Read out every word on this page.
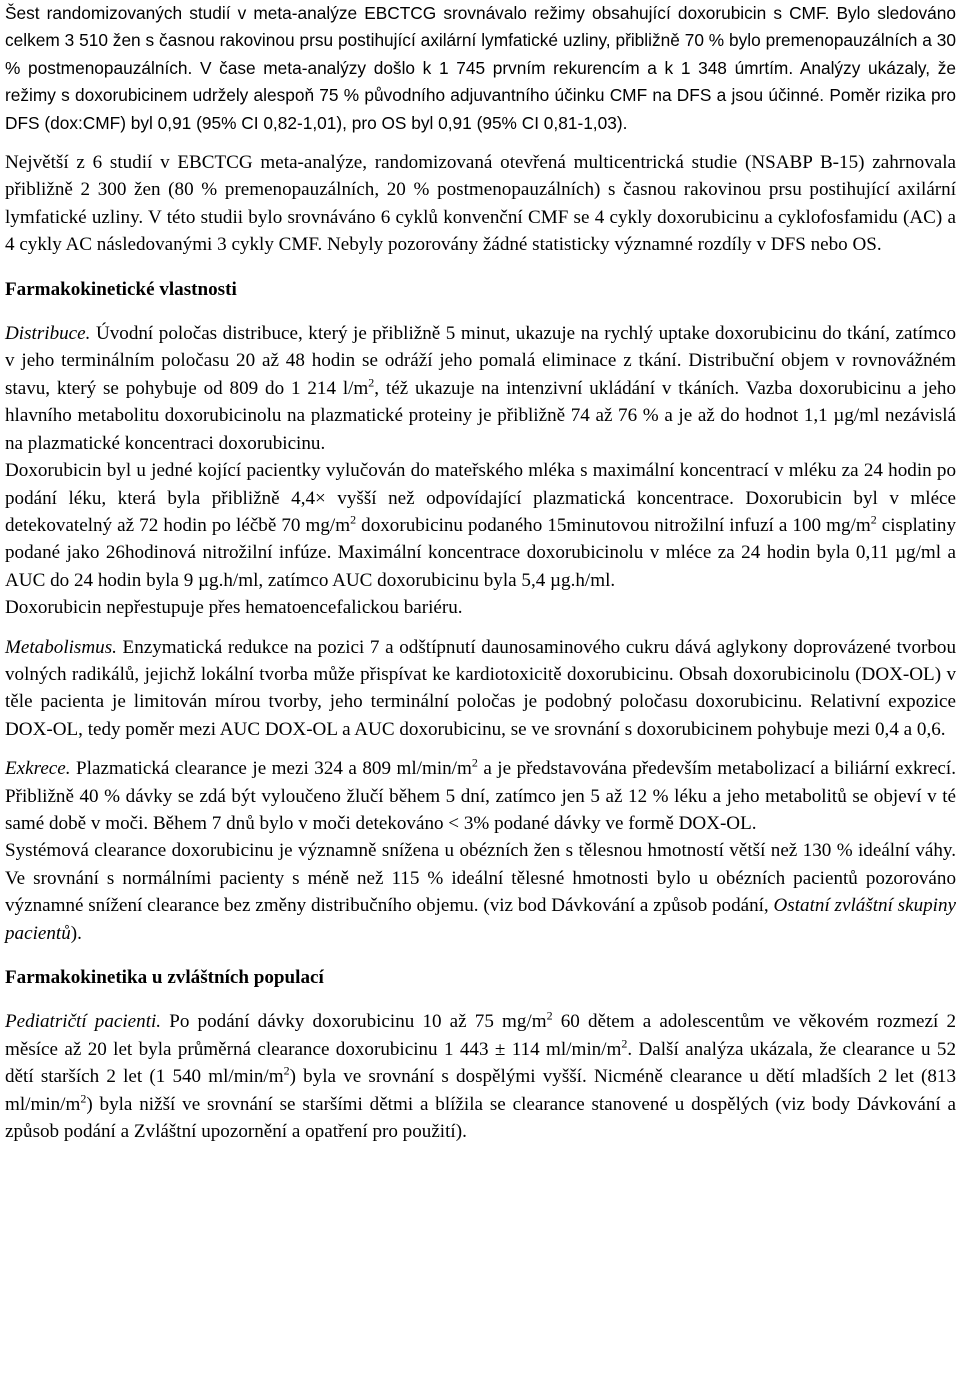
Šest randomizovaných studií v meta-analýze EBCTCG srovnávalo režimy obsahující doxorubicin s CMF. Bylo sledováno celkem 3 510 žen s časnou rakovinou prsu postihující axilární lymfatické uzliny, přibližně 70 % bylo premenopauzálních a 30 % postmenopauzálních. V čase meta-analýzy došlo k 1 745 prvním rekurencím a k 1 348 úmrtím. Analýzy ukázaly, že režimy s doxorubicinem udržely alespoň 75 % původního adjuvantního účinku CMF na DFS a jsou účinné. Poměr rizika pro DFS (dox:CMF) byl 0,91 (95% CI 0,82-1,01), pro OS byl 0,91 (95% CI 0,81-1,03).

Největší z 6 studií v EBCTCG meta-analýze, randomizovaná otevřená multicentrická studie (NSABP B-15) zahrnovala přibližně 2 300 žen (80 % premenopauzálních, 20 % postmenopauzálních) s časnou rakovinou prsu postihující axilární lymfatické uzliny. V této studii bylo srovnáváno 6 cyklů konvenční CMF se 4 cykly doxorubicinu a cyklofosfamidu (AC) a 4 cykly AC následovanými 3 cykly CMF. Nebyly pozorovány žádné statisticky významné rozdíly v DFS nebo OS.

Farmakokinetické vlastnosti

Distribuce. Úvodní poločas distribuce, který je přibližně 5 minut, ukazuje na rychlý uptake doxorubicinu do tkání, zatímco v jeho terminálním poločasu 20 až 48 hodin se odráží jeho pomalá eliminace z tkání. Distribuční objem v rovnovážném stavu, který se pohybuje od 809 do 1 214 $l/m^2$, též ukazuje na intenzivní ukládání v tkáních. Vazba doxorubicinu a jeho hlavního metabolitu doxorubicinolu na plazmatické proteiny je přibližně 74 až 76 % a je až do hodnot 1,1 µg/ml nezávislá na plazmatické koncentraci doxorubicinu.

Doxorubicin byl u jedné kojící pacientky vylučován do mateřského mléka s maximální koncentrací v mléku za 24 hodin po podání léku, která byla přibližně 4,4× vyšší než odpovídající plazmatická koncentrace. Doxorubicin byl v mléce detekovatelný až 72 hodin po léčbě 70 $mg/m^2$ doxorubicinu podaného 15minutovou nitrožilní infuzí a 100 $mg/m^2$ cisplatiny podané jako 26hodinová nitrožilní infúze. Maximální koncentrace doxorubicinolu v mléce za 24 hodin byla 0,11 µg/ml a AUC do 24 hodin byla 9 µg.h/ml, zatímco AUC doxorubicinu byla 5,4 µg.h/ml.

Doxorubicin nepřestupuje přes hematoencefalickou bariéru.

Metabolismus. Enzymatická redukce na pozici 7 a odštípnutí daunosaminového cukru dává aglykony doprovázené tvorbou volných radikálů, jejichž lokální tvorba může přispívat ke kardiotoxicitě doxorubicinu. Obsah doxorubicinolu (DOX-OL) v těle pacienta je limitován mírou tvorby, jeho terminální poločas je podobný poločasu doxorubicinu. Relativní expozice DOX-OL, tedy poměr mezi AUC DOX-OL a AUC doxorubicinu, se ve srovnání s doxorubicinem pohybuje mezi 0,4 a 0,6.

Exkrece. Plazmatická clearance je mezi 324 a 809 $ml/\min/m^2$ a je představována především metabolizací a biliární exkrecí. Přibližně 40 % dávky se zdá být vyloučeno žlučí během 5 dní, zatímco jen 5 až 12 % léku a jeho metabolitů se objeví v té samé době v moči. Během 7 dnů bylo v moči detekováno < 3% podané dávky ve formě DOX-OL.

Systémová clearance doxorubicinu je významně snížena u obézních žen s tělesnou hmotností větší než 130 % ideální váhy. Ve srovnání s normálními pacienty s méně než 115 % ideální tělesné hmotnosti bylo u obézních pacientů pozorováno významné snížení clearance bez změny distribučního objemu. (viz bod Dávkování a způsob podání, Ostatní zvláštní skupiny pacientů).

Farmakokinetika u zvláštních populací

Pediatričtí pacienti. Po podání dávky doxorubicinu 10 až 75 $mg/m^2$ 60 dětem a adolescentům ve věkovém rozmezí 2 měsíce až 20 let byla průměrná clearance doxorubicinu 1 443 ± 114 $ml/\min/m^2$. Další analýza ukázala, že clearance u 52 dětí starších 2 let (1 540 $ml/\min/m^2$) byla ve srovnání s dospělými vyšší. Nicméně clearance u dětí mladších 2 let (813 $ml/\min/m^2$) byla nižší ve srovnání se staršími dětmi a blížila se clearance stanovené u dospělých (viz body Dávkování a způsob podání a Zvláštní upozornění a opatření pro použití).
